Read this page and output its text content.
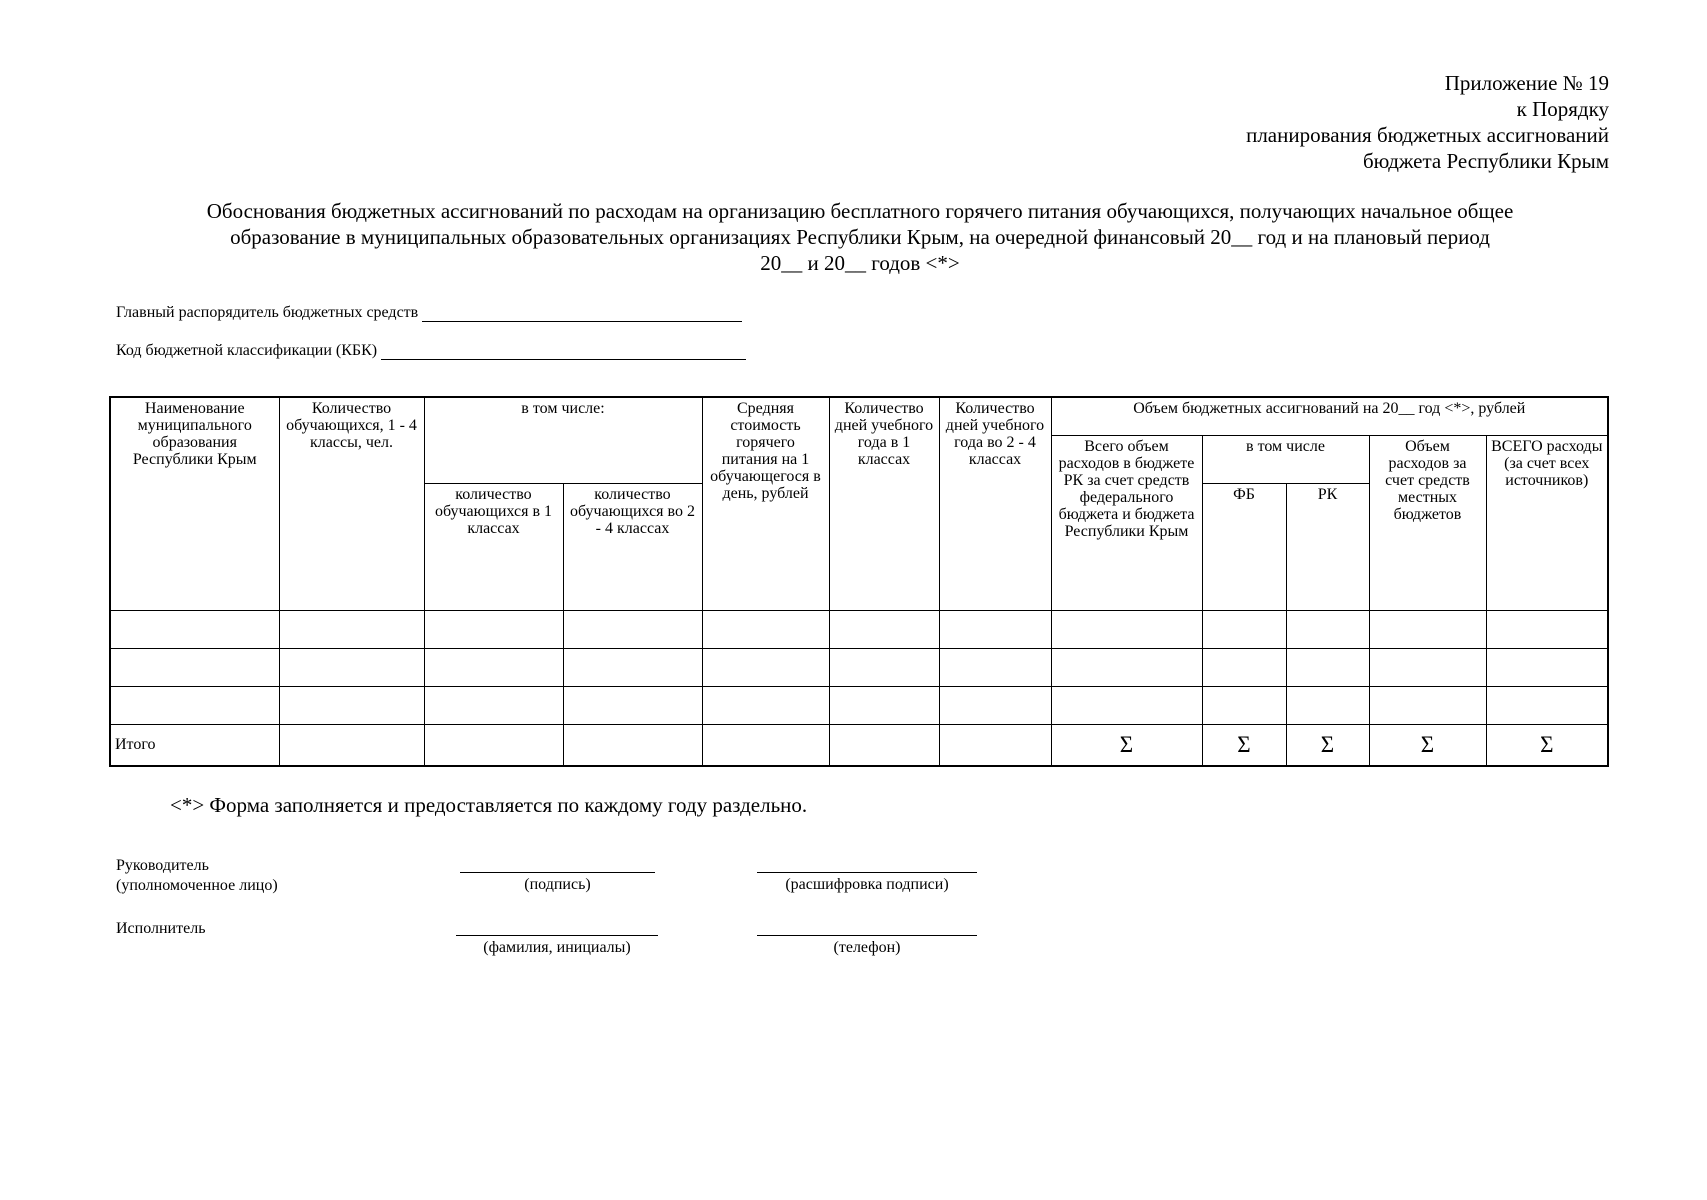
Приложение № 19
к Порядку
планирования бюджетных ассигнований
бюджета Республики Крым
Обоснования бюджетных ассигнований по расходам на организацию бесплатного горячего питания обучающихся, получающих начальное общее
образование в муниципальных образовательных организациях Республики Крым, на очередной финансовый 20__ год и на плановый период
20__ и 20__ годов <*>
Главный распорядитель бюджетных средств
Код бюджетной классификации (КБК)
Наименование муниципального образования Республики Крым	Количество обучающихся, 1 - 4 классы, чел.	в том числе:		Средняя стоимость горячего питания на 1 обучающегося в день, рублей	Количество дней учебного года в 1 классах	Количество дней учебного года во 2 - 4 классах	Объем бюджетных ассигнований на 20__ год <*>, рублей				
							Всего объем расходов в бюджете РК за счет средств федерального бюджета и бюджета Республики Крым	в том числе		Объем расходов за счет средств местных бюджетов	ВСЕГО расходы (за счет всех источников)
		количество обучающихся в 1 классах	количество обучающихся во 2 - 4 классах					ФБ	РК		

Итого							Σ	Σ	Σ	Σ	Σ
<*> Форма заполняется и предоставляется по каждому году раздельно.
Руководитель
(уполномоченное лицо)	(подпись)	(расшифровка подписи)
Исполнитель
(фамилия, инициалы)	(телефон)
